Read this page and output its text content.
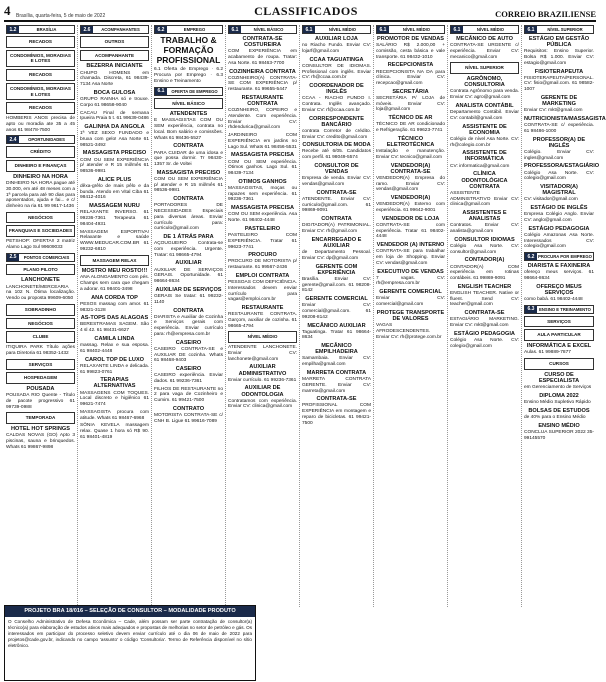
4	Brasília, quarta-feira, 5 de maio de 2022	CLASSIFICADOS	CORREIO BRAZILIENSE
1.2	BRASÍLIA
RECADOS
CONDOMÍNIOS, MORADIAS E LOTES
RECADOS
CONDOMÍNIOS, MORADIAS E LOTES
RECADOS
HOMBERIS ANOS precisa de apto ou moradia ate 35 a 45 anos 61 98478-7500
2.4	OPORTUNIDADES
CRÉDITO
DINHEIRO E FINANÇAS
DINHEIRO NA HORA
DINHEIRO NA HORA pague até 30.000, em até 48 meses com a 1ª parcela para até 90 dias para aposentados, ajuda e fai... e c/ dinheiro na ria 61 99 9617-1436
NEGÓCIOS
FRANQUIAS E SOCIEDADES
PETSHOP: OFERTA!! 2 matriz Alamo Lago Sul 99609033
2.5	PONTOS COMERCIAIS
PLANO PILOTO
LANCHONETE
LANCHONETE/MERCEARIA na 102 N. Ótima localização. Vendo ou proposta 99609-6050
SOBRADINHO
NEGÓCIOS
CLUBE
ITIQUIRA PARK Título ações para Diretoria 61 98352-1432
SERVIÇOS
HOSPEDAGEM
POUSADA
POUSADA RIO Quente - Título de pacote progressivo 61 99739-0988
TEMPORADA
HOTEL HOT SPRINGS
CALDAS NOVAS (GO) Apto 3 piscinas, sauna e brinquedos. Whats 61 99867-9898
2.6	ACOMPANHANTES
OUTROS
ACOMPANHANTE
BEZERRA INICIANTE
CHUPO HOMENS em chamada. Discreta, 61 98439-7134 Asa Norte
BOCA GULOSA
GRUPO RAINHA só e trouxe. Corpo 61 98658-9040
CACAU Final de semana Ipueira Praia 5 t. 61 99639-0486
GALINHA DA ANGOLA
1ª VEZ SEXO FUNDADO e bruxa com gelo! Asa Norte 61 98521-3492
MASSAGISTA PRECISO
COM OU SEM EXPERIÊNCIA p/ atender e R 15 mil/mês 61 98536-9981
ALICE PLUS
dêxa-grêlo de mais pêlo e da bunda. Atendo em Vital Ciba 61 98412-4016
MASSAGEM NURU
RELAXANTE INVERSO. 61 99236-7361 Terapeuta 61 98404-4931
MASSAGEM ESPORTIVA! Relaxante e saúde WWW.MEDUCAR.COM.BR 61 99232-6810
MASSAGEM RELAX
MOSTRO MEU ROSTO!!!
ANA ALONGAMENTO com pés. Champs sem cara que chegam a adorar. 61 98401-3498
ANA CORDA TOP
PESOS massag com amor. 61 98321-3128
AS-TOPS DAS ALAGOAS
BERESTRAMAS SAGEM. São 4 sl 42. 61 98431-6627
CAMILA LINDA
massag. Relax e sua esposa. 61 98402-4448
CAROL TOP DE LUXO
RELAXANTE LINDA e delicada. 61 99823-0761
TERAPIAS ALTERNATIVAS
MASSAGENS COM TOQUES. Local discreto e higiênico 61 99621-7474
MASSAGISTA procura com atitude. Whats 61 98467-6968
SÔNIA KEVELA massagem relax. Quase 1 hora só R$ 90. 61 98401-4819
6.2	EMPREGO
TRABALHO & FORMAÇÃO PROFISSIONAL
6.1 Oferta de Emprego · 6.2 Procura por Emprego · 6.3 Ensino e Treinamento
6.1	OFERTA DE EMPREGO
NÍVEL BÁSICO
ATENDENTES
E MASSAGISTAS COM OU SEM experiência, contrata no local. Bom salário e comissões. Whats 61 98436-5527
CONTRATA
PARA CUIDAR de uma idosa e que possa dormir. Tr 98430-1357 Sr. de Voltei
MASSAGISTA PRECISO
COM OU SEM EXPERIÊNCIA p/ atender e R 15 mil/mês 61 98536-9981
CONTRATA
PORTADORES DE NECESSIDADES Especiais para diversas áreas. Enviar currículo para: curriculo@gmail.com
DE 1 ÁTRÁS PARA
AÇOUGUEIRO Contrata-se com experiência. Urgente. Tratar: 61 98665-4794
AUXILIAR
AUXILIAR DE SERVIÇOS GERAIS. Oportunidade. 61 98664-8634
AUXILIAR DE SERVIÇOS
GERAIS Se tratar: 61 99232-1140
CONTRATA
DIARISTA e Auxiliar de Cozinha e Serviços gerais com experiência. Enviar currículo para: rh@empresa.com.br
CASEIRO
CASEIRO CONTRATA-SE e AUXILIAR DE cozinha. Whats 61 98468-9403
CASEIRO
CASEIRO experiência. Enviar dados. 61 99236-7361
FILHOS DE RESTAURANTE no 2 para vaga de Cozinheiro e Cumim. 61 99421-7500
CONTRATO
MOTORISTA CONTRATA-SE c/ CNH B. Ligue 61 99616-7089
6.1	NÍVEL BÁSICO
CONTRATA-SE COSTUREIRA
COM EXPERIÊNCIA em acabamento de roupa. Tratar: Asa Norte. 61 98463-7700
COZINHEIRA CONTRATA
COZINHEIRO(A) CONTRATA-SE COM EXPERIÊNCIA p/ restaurante. 61 99655-5447
RESTAURANTE CONTRATA
COZINHEIRO, COPEIRO e Atendente. Com experiência. Enviar CV: rhdendurica@gmail.com
JARDINEIRO COM EXPERIÊNCIA em jardins no Lago Sul. Whats 61 98456-5531
MASSAGISTA PRECISA
COM OU SEM experiência. Ótimos ganhos. Lago Sul. 61 98439-7134
OTIMOS GANHOS
MASSAGISTAS, moças ou rapazes sem experiência. 61 99236-7361
MASSAGISTA PRECISA
COM OU SEM experiência. Asa Norte. 61 98402-4448
PASTELEIRO
PASTELEIRO COM EXPERIÊNCIA. Tratar 61 99623-7741
PROCURO
PROCURO DE MOTORISTA p/ restaurante. 61 99567-2436
EMPLOI CONTRATA
PESSOAS COM DEFICIÊNCIA. Interessados devem enviar currículo para vagas@emploi.com.br
RESTAURANTE
RESTAURANTE CONTRATA. Garçom, auxiliar de cozinha. 61 98665-4794
NÍVEL MÉDIO
ATENDENTE LANCHONETE. Enviar CV: lanchonete@gmail.com
AUXILIAR ADMINISTRATIVO
Enviar currículo. 61 99236-7361
AUXILIAR DE ODONTOLOGIA
Contratamos com experiência. Enviar CV: clinica@gmail.com
6.1	NÍVEL MÉDIO
AUXILIAR LOJA
no Riacho Fundo. Enviar CV: lojarf@gmail.com
CCAA TAGUATINGA
CONSULTOR DE IDIOMAS. Profissional com inglês. Enviar CV: rh@ccaa.com.br
COORDENADOR DE INGLÊS
CCAA - RIACHO FUNDO I. Contrata. Inglês avançado. Enviar CV: rf@ccaa.com.br
CORRESPONDENTE BANCÁRIO
contrata Corretor de crédito. Enviar CV: credito@gmail.com
CONSULTORIA DE MODA
Recebe até 6/05. Candidatos com perfil. 61 98049-5574
CONSULTOR DE VENDAS
Empresa de venda. Enviar CV: vendas@gmail.com
CONTRATA-SE
ATENDENTE. Enviar CV: curriculo@gmail.com. 61 99869-9091
CONTRATA
DIGITADOR(A) PATRIMONIAL. Enviar CV: rh@gmail.com
ENCARREGADO E AUXILIAR
de Departamento Pessoal. Enviar CV: dp@gmail.com
GERENTE COM EXPERIÊNCIA
Brasília. Enviar CV: gerente@gmail.com. 61 98208-8142
GERENTE COMERCIAL
Enviar CV: comercial@gmail.com. 61 99208-8142
MECÂNICO AUXILIAR
Taguatinga. Tratar 61 98664-8634
MECÂNICO EMPILHADEIRA
Samambaia. Enviar CV: empilha@gmail.com
MARRETA CONTRATA
MARRETA CONTRATA GERENTE. Enviar CV: marreta@gmail.com
CONTRATA-SE
PROFISSIONAL COM EXPERIÊNCIA em montagem e reparo de bicicletas. 61 99421-7500
6.1	NÍVEL MÉDIO
PROMOTOR DE VENDAS
SALÁRIO R$ 2.000,00 + comissão, cesta básica e vale transporte. 61 98432-1010
RECEPCIONISTA
RECEPCIONISTA NA DA para clínica. Enviar CV: recepcao@gmail.com
SECRETÁRIA
SECRETÁRIA P/ LOJA de móveis. Enviar CV: loja@gmail.com
TÉCNICO DE AR
TÉCNICO DE AR condicionado e Refrigeração. 61 99623-7741
TÉCNICO ELETROTÉCNICA
Instalação e manutenção. Enviar CV: tecnico@gmail.com
VENDEDOR(A) CONTRATA-SE
VENDEDOR(A) Empresa do ramo. Enviar CV: vendas@gmail.com
VENDEDOR(A)
VENDEDOR(A) Externo com experiência. 61 99642-9001
VENDEDOR DE LOJA
CONTRATA-SE com experiência. Tratar 61 98402-4448
VENDEDOR (A) INTERNO
CONTRATA-SE para trabalhar em loja de Shopping. Enviar CV: vendas@gmail.com
EXECUTIVO DE VENDAS
7 vagas. CV: rh@empresa.com.br
GERENTE COMERCIAL
Enviar CV: comercial@gmail.com
PROTEGE TRANSPORTE DE VALORES
VAGAS AFRODESCENDENTES. Enviar CV: rh@protege.com.br
6.1	NÍVEL MÉDIO
MECÂNICO DE AUTO
CONTRATA-SE URGENTE c/ experiência. Enviar CV: mecanico@gmail.com
NÍVEL SUPERIOR
AGRÔNOMO, CONSULTORIA
Contrata Agrônomo para venda. Enviar CV: agro@gmail.com
ANALISTA CONTÁBIL
Departamento Contábil. Enviar CV: contabil@gmail.com
ASSISTENTE DE ECONOMIA
Colégio de nível Asa Norte. CV: rh@colegio.com.br
ASSISTENTE DE INFORMÁTICA
CV: informatica@gmail.com
CLÍNICA ODONTOLÓGICA CONTRATA
ASSISTENTE ADMINISTRATIVO Enviar CV: clinica@gmail.com
ASSISTENTES E ANALISTAS
Contratos. Enviar CV: analista@gmail.com
CONSULTOR IDIOMAS
Colégio Asa Norte. CV: consultor@gmail.com
CONTADOR(A)
CONTADOR(A) COM experiência em rotinas contábeis. 61 99869-9091
ENGLISH TEACHER
ENGLISH TEACHER. Native or fluent. Send CV: teacher@gmail.com
CONTRATA-SE
ESTAGIÁRIO MARKETING. Enviar CV: mkt@gmail.com
ESTÁGIO PEDAGOGIA
Colégio Asa Norte. CV: colegio@gmail.com
6.1	NÍVEL SUPERIOR
ESTÁGIO EM GESTÃO PÚBLICA
Requisitos: Ensino Superior. Bolsa R$ 1.000. Enviar CV: estagio@gmail.com
FISIOTERAPEUTA
FISIOTERAPEUTA/PERSONAL. CV: fisio@gmail.com. 61 98582-1007
GERENTE DE MARKETING
Enviar CV: mkt@gmail.com
NUTRICIONISTA/MASSAGISTA
CONTRATA-SE c/ experiência. 61 98486-1000
PROFESSOR(A) DE INGLÊS
Colégio. Enviar CV: ingles@gmail.com
PROFESSORA/ESTAGIÁRIO
Colégio Asa Norte. CV: colegio@gmail.com
VISITADOR(A) MAGISTRAL
CV: visitador@gmail.com
ESTÁGIO DE INGLÊS
Empresa Colégio Anglo. Enviar CV: anglo@gmail.com
ESTÁGIO PEDAGOGIA
Colégio Amazonas Asa Norte. Interessados CV: colegio@gmail.com
6.2 PROCURA POR EMPREGO
DIARISTA E FAXINEIRA
ofereço meus serviços. 61 98664-8634
OFEREÇO MEUS SERVIÇOS
como babá. 61 98402-4448
6.3	ENSINO E TREINAMENTO
SERVIÇOS
AULA PARTICULAR
INFORMÁTICA E EXCEL
Aulas. 61 99889-7877
CURSOS
CURSO DE ESPECIALISTA
em Gerenciamento de Serviços
DIPLOMA 2022
Ensino Médio Supletivo Rápido
BOLSAS DE ESTUDOS
de 40% para o Ensino Médio
ENSINO MÉDIO
CONCLUA SUPERIOR 2022 35-99145570
PROJETO BRA 18/016 – SELEÇÃO DE CONSULTOR – MODALIDADE PRODUTO
O Conselho Administrativo de Defesa Econômica – Cade, além possam ser parte contratação de consultor(a) técnico(a) para elaboração de estudos ativos mais adequados e propostas de melhorias no setor de petróleo e gás. Os interessados em participar do processo seletivo devem enviar currículo até o dia 06 de maio de 2022 para projetos@cade.gov.br, indicando no campo 'assunto' o código 'Consultoria'. Termo de Referência disponível no sítio eletrônico.
